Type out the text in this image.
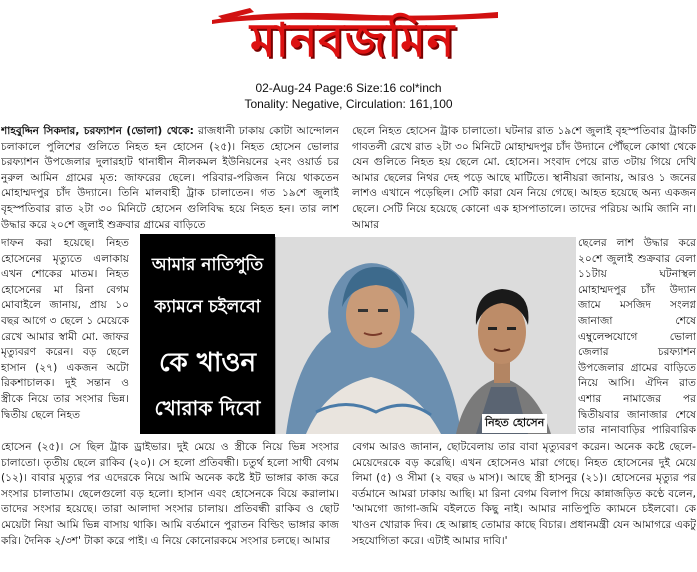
মানবজমিন
02-Aug-24 Page:6 Size:16 col*inch
Tonality: Negative, Circulation: 161,100
শাহবুদ্দিন সিকদার, চরফ্যাশন (ভোলা) থেকে: রাজধানী ঢাকায় কোটা আন্দোলন চলাকালে পুলিশের গুলিতে নিহত হন হোসেন (২৫)। নিহত হোসেন ভোলার চরফ্যাশন উপজেলার দুলারহাট থানাধীন নীলকমল ইউনিয়নের ২নং ওয়ার্ড চর নুরুল আমিন গ্রামের মৃত: জাফরের ছেলে। পরিবার-পরিজন নিয়ে থাকতেন মোহাম্মদপুর চাঁদ উদ্যানে। তিনি মালবাহী ট্রাক চালাতেন। গত ১৯শে জুলাই বৃহস্পতিবার রাত ২টা ৩০ মিনিটে হোসেন গুলিবিদ্ধ হয়ে নিহত হন। তার লাশ উদ্ধার করে ২০শে জুলাই শুক্রবার গ্রামের বাড়িতে
ছেলে নিহত হোসেন ট্রাক চালাতো। ঘটনার রাত ১৯শে জুলাই বৃহস্পতিবার ট্রাকটি গাবতলী রেখে রাত ২টা ৩০ মিনিটে মোহাম্মদপুর চাঁদ উদ্যানে পৌঁছলে কোথা থেকে যেন গুলিতে নিহত হয় ছেলে মো. হোসেন। সংবাদ পেয়ে রাত ৩টায় গিয়ে দেখি আমার ছেলের নিথর দেহ পড়ে আছে মাটিতে। স্থানীয়রা জানায়, আরও ১ জনের লাশও এখানে পড়েছিল। সেটি কারা যেন নিয়ে গেছে। আহত হয়েছে অন্য একজন ছেলে। সেটি নিয়ে হয়েছে কোনো এক হাসপাতালে। তাদের পরিচয় আমি জানি না। আমার
দাফন করা হয়েছে। নিহত হোসেনের মৃত্যুতে এলাকায় এখন শোকের মাতম। নিহত হোসেনের মা রিনা বেগম মোবাইলে জানায়, প্রায় ১০ বছর আগে ৩ ছেলে ১ মেয়েকে রেখে আমার স্বামী মো. জাফর মৃত্যুবরণ করেন। বড় ছেলে হাসান (২৭) একজন অটো রিকশাচালক। দুই সন্তান ও স্ত্রীকে নিয়ে তার সংসার ভিন্ন। দ্বিতীয় ছেলে নিহত
ছেলের লাশ উদ্ধার করে ২০শে জুলাই শুক্রবার বেলা ১১টায় ঘটনাস্থল মোহাম্মদপুর চাঁদ উদ্যান জামে মসজিদ সংলগ্ন জানাজা শেষে এম্বুলেন্সযোগে ভোলা জেলার চরফ্যাশন উপজেলার গ্রামের বাড়িতে নিয়ে আসি। ঐদিন রাত এশার নামাজের পর দ্বিতীয়বার জানাজার শেষে তার নানাবাড়ির পারিবারিক
হোসেন (২৫)। সে ছিল ট্রাক ড্রাইভার। দুই মেয়ে ও স্ত্রীকে নিয়ে ভিন্ন সংসার চালাতো। তৃতীয় ছেলে রাকিব (২০)। সে হলো প্রতিবন্ধী। চতুর্থ হলো সাথী বেগম (১২)। বাবার মৃত্যুর পর এদেরকে নিয়ে আমি অনেক কষ্টে ইট ভাঙ্গার কাজ করে সংসার চালাতাম। ছেলেগুলো বড় হলো। হাসান এবং হোসেনকে বিয়ে করালাম। তাদের সংসার হয়েছে। তারা আলাদা সংসার চালায়। প্রতিবন্ধী রাকিব ও ছোট মেয়েটা নিয়া আমি ভিন্ন বাসায় থাকি। আমি বর্তমানে পুরাতন বিল্ডিং ভাঙ্গার কাজ করি। দৈনিক ২/৩শ' টাকা করে পাই। এ নিয়ে কোনোরকমে সংসার চলছে। আমার
বেগম আরও জানান, ছোটবেলায় তার বাবা মৃত্যুবরণ করেন। অনেক কষ্টে ছেলে- মেয়েদেরকে বড় করেছি। এখন হোসেনও মারা গেছে। নিহত হোসেনের দুই মেয়ে লিমা (৫) ও সীমা (২ বছর ৬ মাস)। আছে স্ত্রী হাসনুর (২১)। হোসেনের মৃত্যুর পর বর্তমানে আমরা ঢাকায় আছি। মা রিনা বেগম বিলাপ দিয়ে কান্নাজড়িত কণ্ঠে বলেন, 'আমগো জাগা-জমি বইলতে কিছু নাই। আমার নাতিপুতি ক্যামনে চইলবো। কে খাওন খোরাক দিব। হে আল্লাহ তোমার কাছে বিচার। প্রধানমন্ত্রী যেন আমাগরে একটু সহযোগিতা করে। এটাই আমার দাবি।'
আমার নাতিপুতি
ক্যামনে চইলবো
কে খাওন
খোরাক দিবো
নিহত হোসেন
